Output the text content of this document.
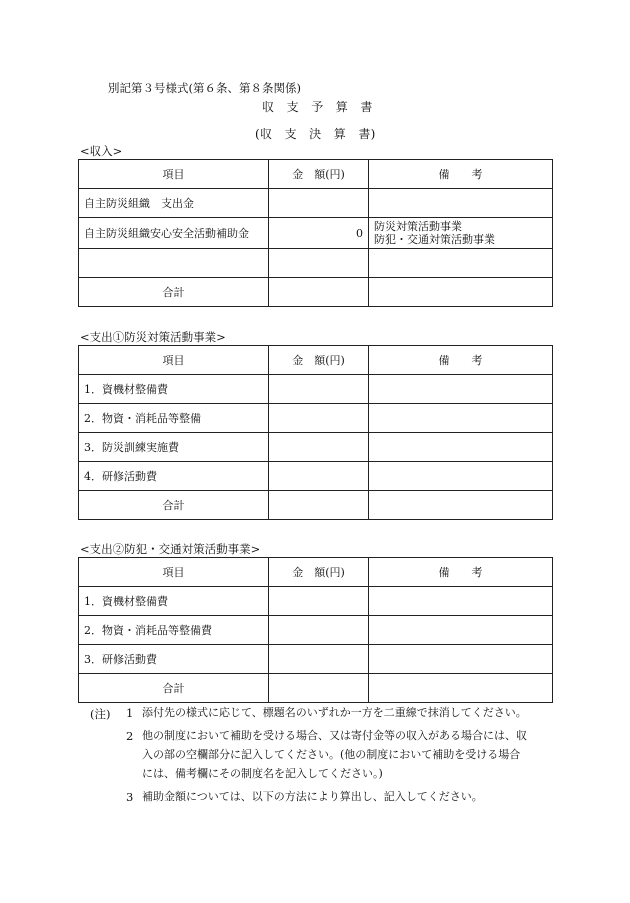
別記第３号様式(第６条、第８条関係)
収　支　予　算　書
(収　支　決　算　書)
<収入>
項目	金　額(円)	備　　考
自主防災組織　支出金		
自主防災組織安心安全活動補助金	0	防災対策活動事業
防犯・交通対策活動事業

合計		
<支出①防災対策活動事業>
項目	金　額(円)	備　　考
1．資機材整備費		
2．物資・消耗品等整備		
3．防災訓練実施費		
4．研修活動費		
合計		
<支出②防犯・交通対策活動事業>
項目	金　額(円)	備　　考
1．資機材整備費		
2．物資・消耗品等整備費		
3．研修活動費		
合計		
(注) 1 添付先の様式に応じて、標題名のいずれか一方を二重線で抹消してください。
2 他の制度において補助を受ける場合、又は寄付金等の収入がある場合には、収
入の部の空欄部分に記入してください。(他の制度において補助を受ける場合
には、備考欄にその制度名を記入してください。)
3 補助金額については、以下の方法により算出し、記入してください。
